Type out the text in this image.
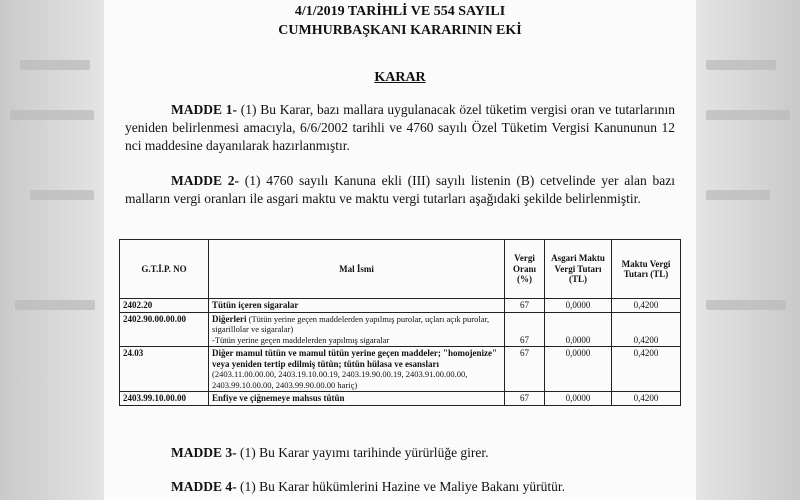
4/1/2019 TARİHLİ VE 554 SAYILI
CUMHURBAŞKANI KARARININ EKİ
KARAR
MADDE 1- (1) Bu Karar, bazı mallara uygulanacak özel tüketim vergisi oran ve tutarlarının yeniden belirlenmesi amacıyla, 6/6/2002 tarihli ve 4760 sayılı Özel Tüketim Vergisi Kanununun 12 nci maddesine dayanılarak hazırlanmıştır.
MADDE 2- (1) 4760 sayılı Kanuna ekli (III) sayılı listenin (B) cetvelinde yer alan bazı malların vergi oranları ile asgari maktu ve maktu vergi tutarları aşağıdaki şekilde belirlenmiştir.
G.T.İ.P. NO	Mal İsmi	Vergi Oranı (%)	Asgari Maktu Vergi Tutarı (TL)	Maktu Vergi Tutarı (TL)
2402.20	Tütün içeren sigaralar	67	0,0000	0,4200
2402.90.00.00.00	Diğerleri (Tütün yerine geçen maddelerden yapılmış purolar, uçları açık purolar, sigarillolar ve sigaralar)
-Tütün yerine geçen maddelerden yapılmış sigaralar	67	0,0000	0,4200
24.03	Diğer mamul tütün ve mamul tütün yerine geçen maddeler; "homojenize" veya yeniden tertip edilmiş tütün; tütün hülasa ve esansları
(2403.11.00.00.00, 2403.19.10.00.19, 2403.19.90.00.19, 2403.91.00.00.00, 2403.99.10.00.00, 2403.99.90.00.00 hariç)	67	0,0000	0,4200
2403.99.10.00.00	Enfiye ve çiğnemeye mahsus tütün	67	0,0000	0,4200
MADDE 3- (1) Bu Karar yayımı tarihinde yürürlüğe girer.
MADDE 4- (1) Bu Karar hükümlerini Hazine ve Maliye Bakanı yürütür.
